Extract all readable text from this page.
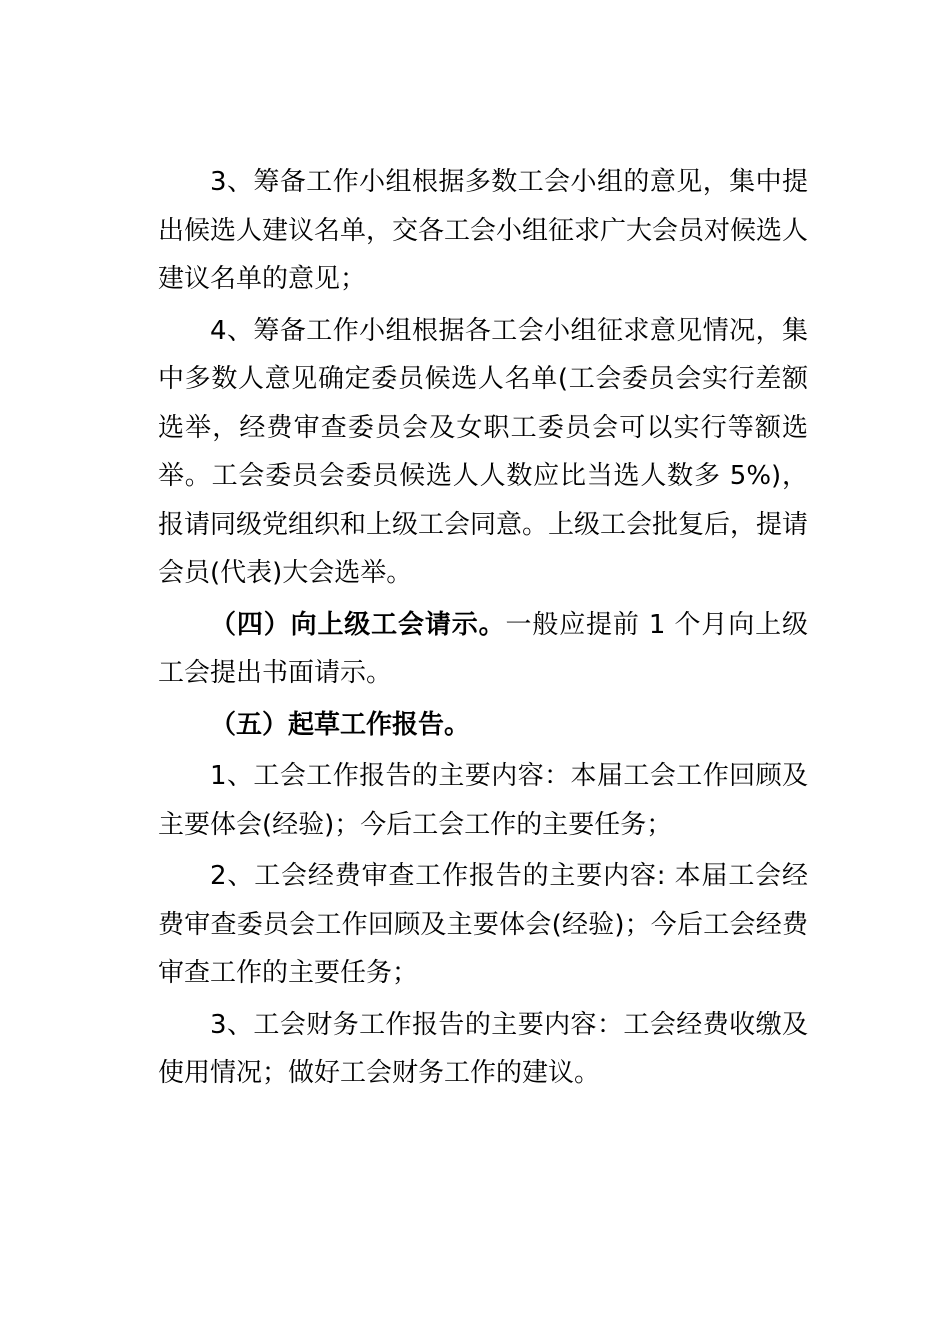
3、筹备工作小组根据多数工会小组的意见，集中提出候选人建议名单，交各工会小组征求广大会员对候选人建议名单的意见；

4、筹备工作小组根据各工会小组征求意见情况，集中多数人意见确定委员候选人名单(工会委员会实行差额选举，经费审查委员会及女职工委员会可以实行等额选举。工会委员会委员候选人人数应比当选人数多 5%)，报请同级党组织和上级工会同意。上级工会批复后，提请会员(代表)大会选举。

（四）向上级工会请示。一般应提前 1 个月向上级工会提出书面请示。

（五）起草工作报告。

1、工会工作报告的主要内容：本届工会工作回顾及主要体会(经验)；今后工会工作的主要任务；

2、工会经费审查工作报告的主要内容: 本届工会经费审查委员会工作回顾及主要体会(经验)；今后工会经费审查工作的主要任务；

3、工会财务工作报告的主要内容：工会经费收缴及使用情况；做好工会财务工作的建议。
